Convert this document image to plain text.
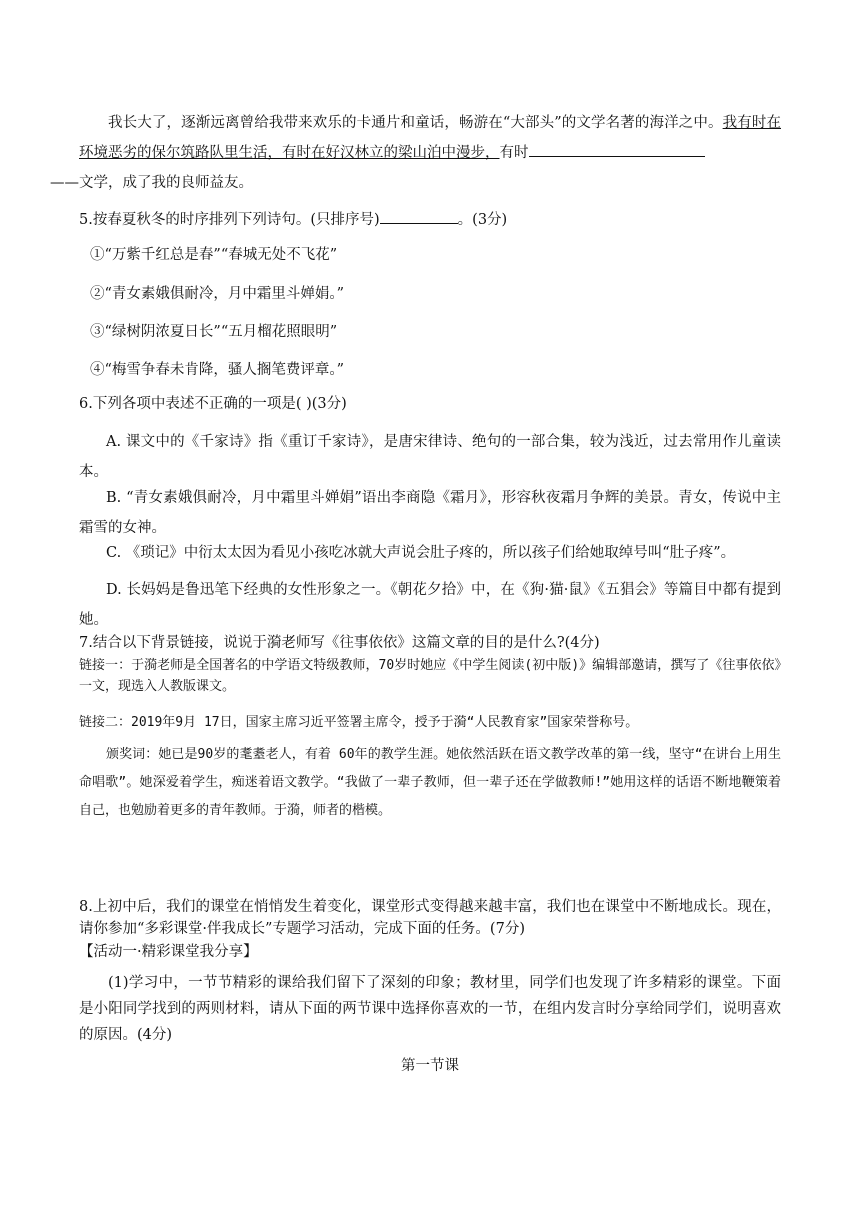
我长大了，逐渐远离曾给我带来欢乐的卡通片和童话，畅游在“大部头”的文学名著的海洋之中。我有时在环境恶劣的保尔筑路队里生活，有时在好汉林立的梁山泊中漫步，有时
——文学，成了我的良师益友。
5.按春夏秋冬的时序排列下列诗句。(只排序号)	。(3分)
①“万紫千红总是春”“春城无处不飞花”
②“青女素娥俱耐冷，月中霜里斗婵娟。”
③“绿树阴浓夏日长”“五月榴花照眼明”
④“梅雪争春未肯降，骚人搁笔费评章。”
6.下列各项中表述不正确的一项是( )(3分)
A. 课文中的《千家诗》指《重订千家诗》，是唐宋律诗、绝句的一部合集，较为浅近，过去常用作儿童读本。
B. “青女素娥俱耐冷，月中霜里斗婵娟”语出李商隐《霜月》，形容秋夜霜月争辉的美景。青女，传说中主霜雪的女神。
C. 《琐记》中衍太太因为看见小孩吃冰就大声说会肚子疼的，所以孩子们给她取绰号叫“肚子疼”。
D. 长妈妈是鲁迅笔下经典的女性形象之一。《朝花夕拾》中，在《狗·猫·鼠》《五猖会》等篇目中都有提到她。
7.结合以下背景链接，说说于漪老师写《往事依依》这篇文章的目的是什么?(4分)
链接一：于漪老师是全国著名的中学语文特级教师，70岁时她应《中学生阅读(初中版)》编辑部邀请，撰写了《往事依依》一文，现选入人教版课文。
链接二：2019年9月 17日，国家主席习近平签署主席令，授予于漪“人民教育家”国家荣誉称号。
颁奖词：她已是90岁的耄耋老人，有着 60年的教学生涯。她依然活跃在语文教学改革的第一线，坚守“在讲台上用生命唱歌”。她深爱着学生，痴迷着语文教学。“我做了一辈子教师，但一辈子还在学做教师!”她用这样的话语不断地鞭策着自己，也勉励着更多的青年教师。于漪，师者的楷模。
8.上初中后，我们的课堂在悄悄发生着变化，课堂形式变得越来越丰富，我们也在课堂中不断地成长。现在，请你参加“多彩课堂·伴我成长”专题学习活动，完成下面的任务。(7分)
【活动一·精彩课堂我分享】
(1)学习中，一节节精彩的课给我们留下了深刻的印象；教材里，同学们也发现了许多精彩的课堂。下面是小阳同学找到的两则材料，请从下面的两节课中选择你喜欢的一节，在组内发言时分享给同学们，说明喜欢的原因。(4分)
第一节课
